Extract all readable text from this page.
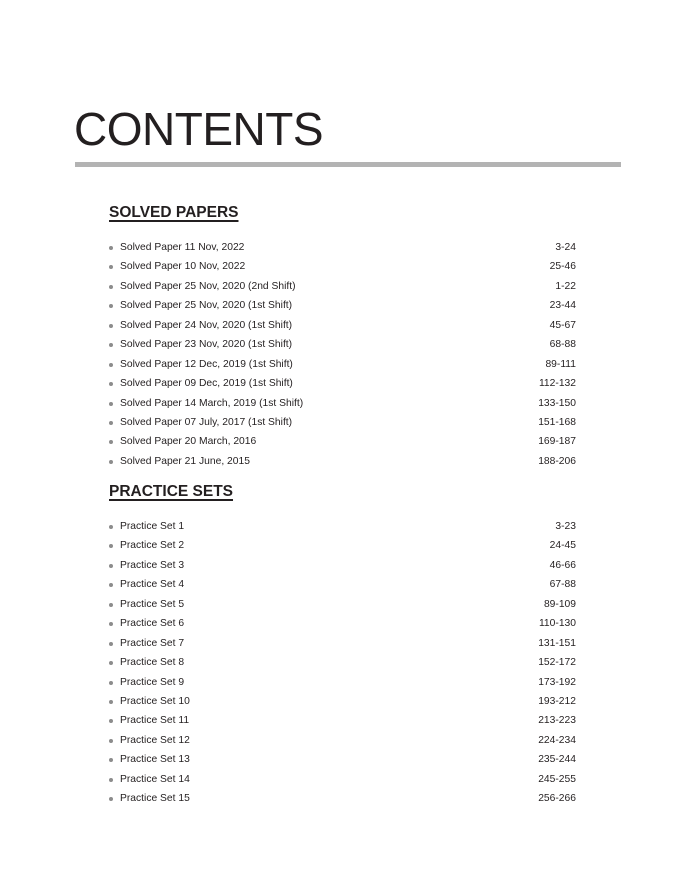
CONTENTS
SOLVED PAPERS
Solved Paper 11 Nov, 2022	3-24
Solved Paper 10 Nov, 2022	25-46
Solved Paper 25 Nov, 2020 (2nd Shift)	1-22
Solved Paper 25 Nov, 2020 (1st Shift)	23-44
Solved Paper 24 Nov, 2020 (1st Shift)	45-67
Solved Paper 23 Nov, 2020 (1st Shift)	68-88
Solved Paper 12 Dec, 2019 (1st Shift)	89-111
Solved Paper 09 Dec, 2019 (1st Shift)	112-132
Solved Paper 14 March, 2019 (1st Shift)	133-150
Solved Paper 07 July, 2017 (1st Shift)	151-168
Solved Paper 20 March, 2016	169-187
Solved Paper 21 June, 2015	188-206
PRACTICE SETS
Practice Set 1	3-23
Practice Set 2	24-45
Practice Set 3	46-66
Practice Set 4	67-88
Practice Set 5	89-109
Practice Set 6	110-130
Practice Set 7	131-151
Practice Set 8	152-172
Practice Set 9	173-192
Practice Set 10	193-212
Practice Set 11	213-223
Practice Set 12	224-234
Practice Set 13	235-244
Practice Set 14	245-255
Practice Set 15	256-266
